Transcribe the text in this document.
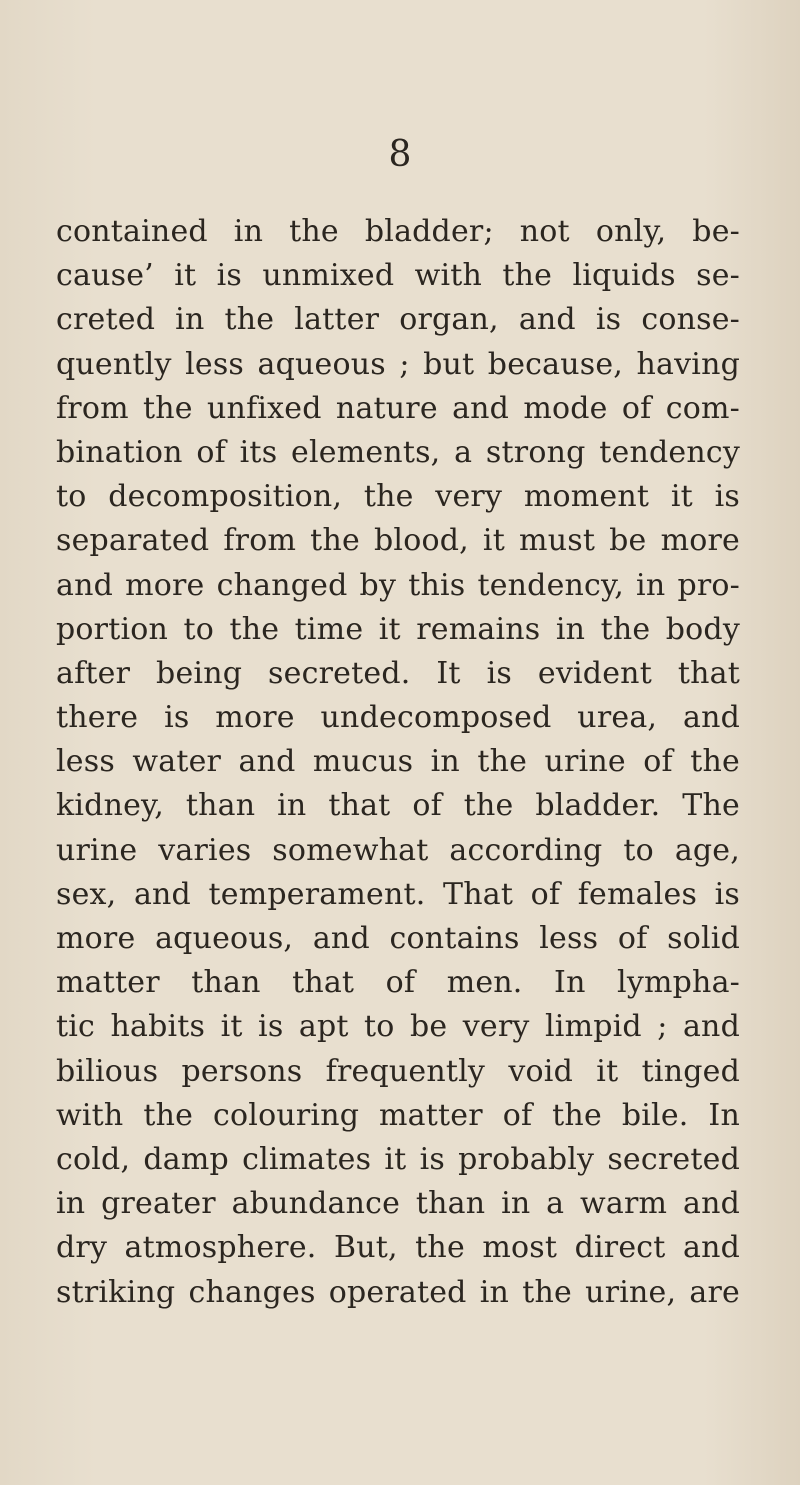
8
contained in the bladder; not only, be-
cause’ it is unmixed with the liquids se-
creted in the latter organ, and is conse-
quently less aqueous ; but because, having
from the unfixed nature and mode of com-
bination of its elements, a strong tendency
to decomposition, the very moment it is
separated from the blood, it must be more
and more changed by this tendency, in pro-
portion to the time it remains in the body
after being secreted. It is evident that
there is more undecomposed urea, and
less water and mucus in the urine of the
kidney, than in that of the bladder. The
urine varies somewhat according to age,
sex, and temperament. That of females is
more aqueous, and contains less of solid
matter than that of men. In lympha-
tic habits it is apt to be very limpid ; and
bilious persons frequently void it tinged
with the colouring matter of the bile. In
cold, damp climates it is probably secreted
in greater abundance than in a warm and
dry atmosphere. But, the most direct and
striking changes operated in the urine, are
